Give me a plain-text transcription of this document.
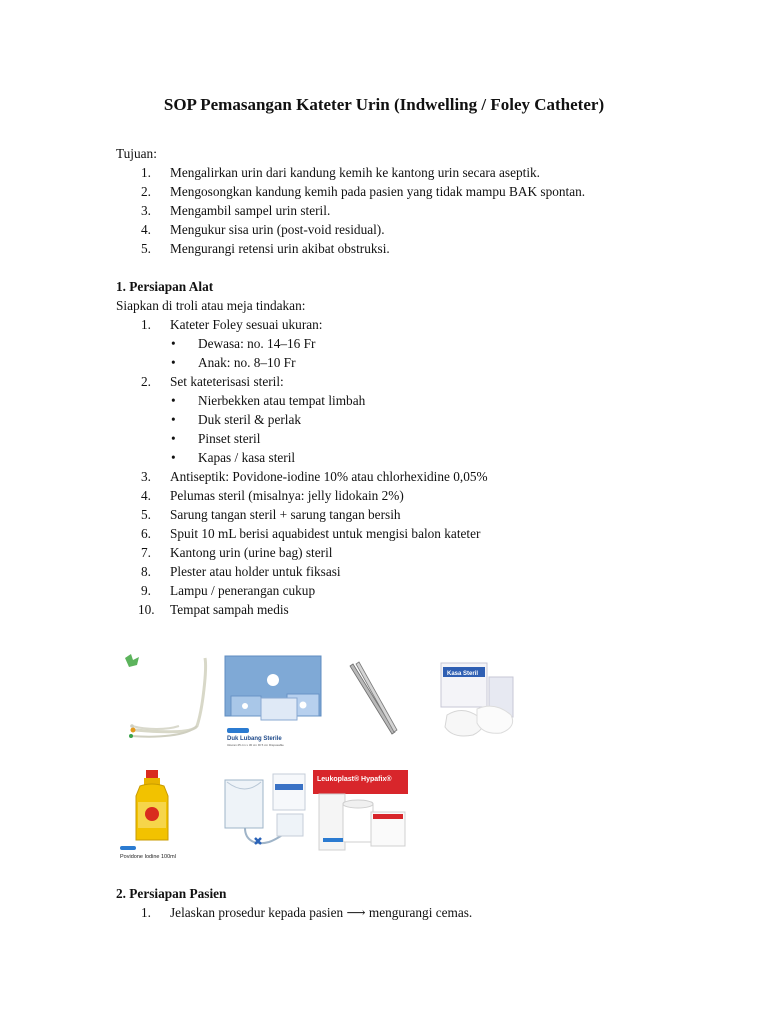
SOP Pemasangan Kateter Urin (Indwelling / Foley Catheter)
Tujuan:
1.	Mengalirkan urin dari kandung kemih ke kantong urin secara aseptik.
2.	Mengosongkan kandung kemih pada pasien yang tidak mampu BAK spontan.
3.	Mengambil sampel urin steril.
4.	Mengukur sisa urin (post-void residual).
5.	Mengurangi retensi urin akibat obstruksi.
1. Persiapan Alat
Siapkan di troli atau meja tindakan:
1.	Kateter Foley sesuai ukuran:
• Dewasa: no. 14–16 Fr
• Anak: no. 8–10 Fr
2.	Set kateterisasi steril:
• Nierbekken atau tempat limbah
• Duk steril & perlak
• Pinset steril
• Kapas / kasa steril
3.	Antiseptik: Povidone-iodine 10% atau chlorhexidine 0,05%
4.	Pelumas steril (misalnya: jelly lidokain 2%)
5.	Sarung tangan steril + sarung tangan bersih
6.	Spuit 10 mL berisi aquabidest untuk mengisi balon kateter
7.	Kantong urin (urine bag) steril
8.	Plester atau holder untuk fiksasi
9.	Lampu / penerangan cukup
10.	Tempat sampah medis

Duk Lubang Sterile
Ukuran 25 cm x 30 cm ID 5 cm Disposable
Kasa Steril
Povidone Iodine 100ml
Leukoplast® Hypafix®
2. Persiapan Pasien
1.	Jelaskan prosedur kepada pasien ⟶ mengurangi cemas.
